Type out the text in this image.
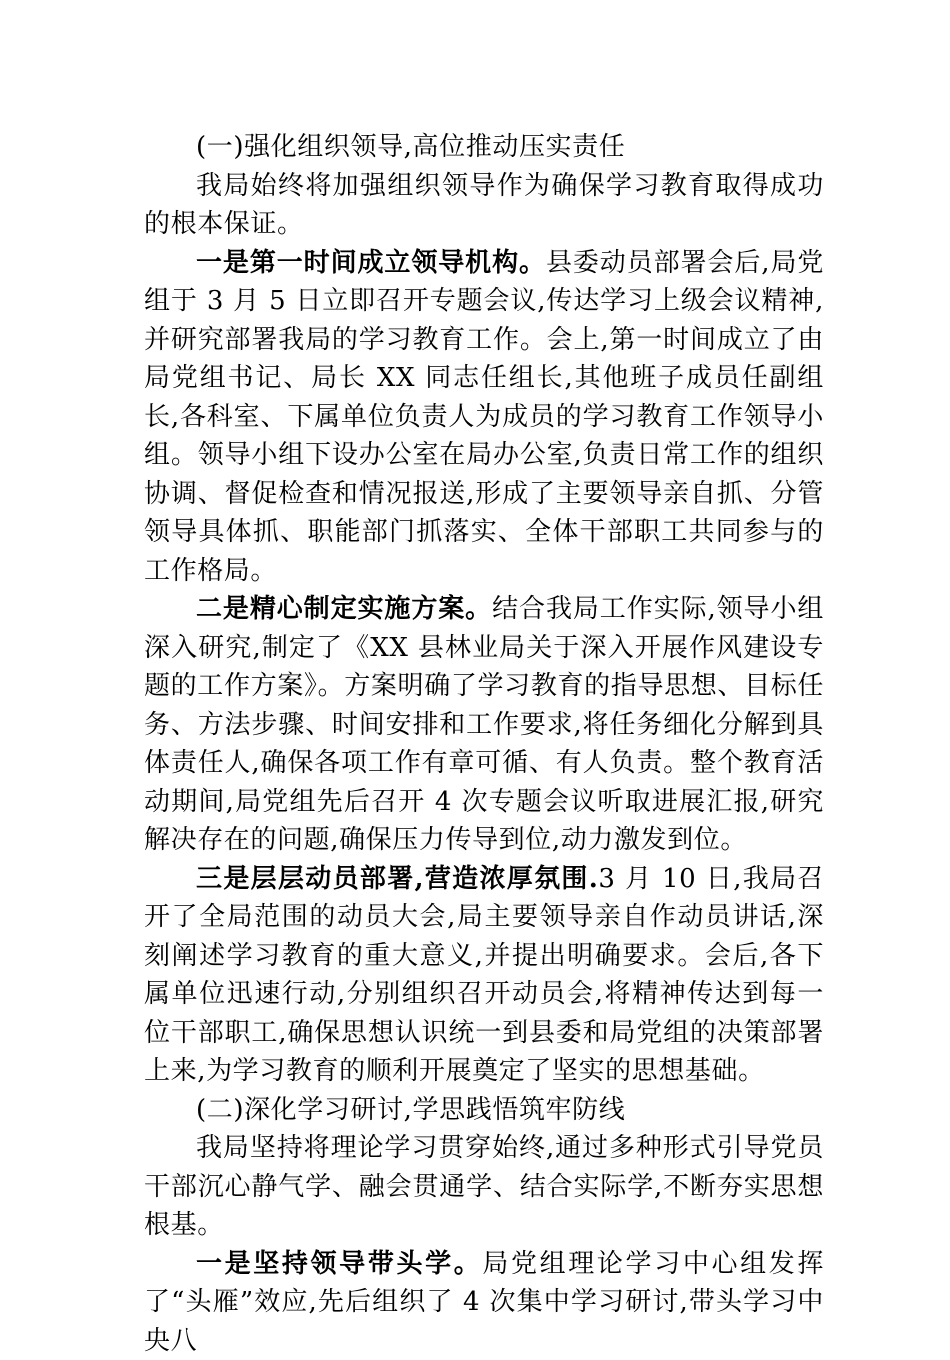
(一)强化组织领导,高位推动压实责任

我局始终将加强组织领导作为确保学习教育取得成功的根本保证。

一是第一时间成立领导机构。县委动员部署会后,局党组于 3 月 5 日立即召开专题会议,传达学习上级会议精神,并研究部署我局的学习教育工作。会上,第一时间成立了由局党组书记、局长 XX 同志任组长,其他班子成员任副组长,各科室、下属单位负责人为成员的学习教育工作领导小组。领导小组下设办公室在局办公室,负责日常工作的组织协调、督促检查和情况报送,形成了主要领导亲自抓、分管领导具体抓、职能部门抓落实、全体干部职工共同参与的工作格局。

二是精心制定实施方案。结合我局工作实际,领导小组深入研究,制定了《XX 县林业局关于深入开展作风建设专题的工作方案》。方案明确了学习教育的指导思想、目标任务、方法步骤、时间安排和工作要求,将任务细化分解到具体责任人,确保各项工作有章可循、有人负责。整个教育活动期间,局党组先后召开 4 次专题会议听取进展汇报,研究解决存在的问题,确保压力传导到位,动力激发到位。

三是层层动员部署,营造浓厚氛围.3 月 10 日,我局召开了全局范围的动员大会,局主要领导亲自作动员讲话,深刻阐述学习教育的重大意义,并提出明确要求。会后,各下属单位迅速行动,分别组织召开动员会,将精神传达到每一位干部职工,确保思想认识统一到县委和局党组的决策部署上来,为学习教育的顺利开展奠定了坚实的思想基础。

(二)深化学习研讨,学思践悟筑牢防线

我局坚持将理论学习贯穿始终,通过多种形式引导党员干部沉心静气学、融会贯通学、结合实际学,不断夯实思想根基。

一是坚持领导带头学。局党组理论学习中心组发挥了“头雁”效应,先后组织了 4 次集中学习研讨,带头学习中央八
